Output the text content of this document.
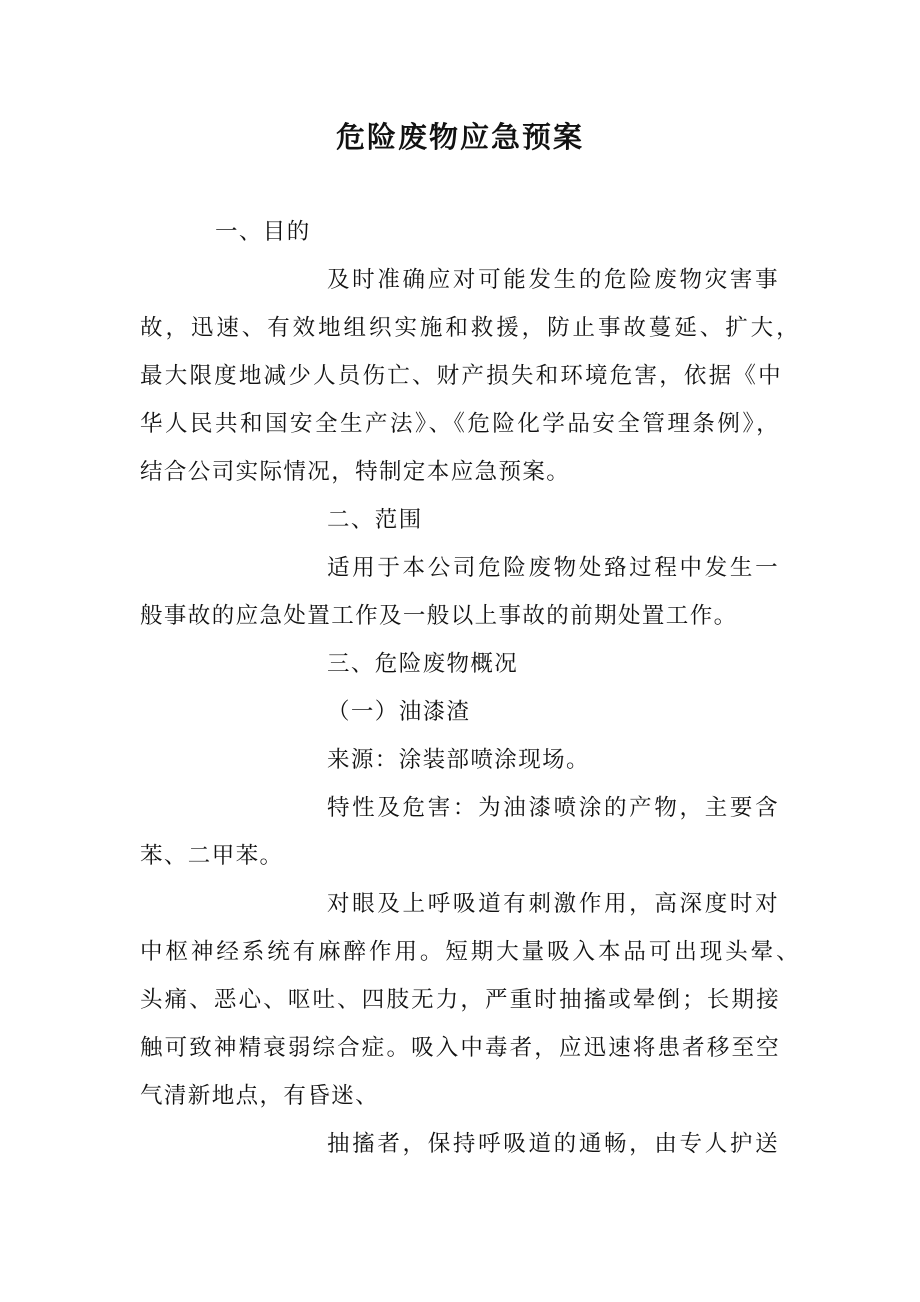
危险废物应急预案
一、目的
及时准确应对可能发生的危险废物灾害事
故，迅速、有效地组织实施和救援，防止事故蔓延、扩大，
最大限度地减少人员伤亡、财产损失和环境危害，依据《中
华人民共和国安全生产法》、《危险化学品安全管理条例》，
结合公司实际情况，特制定本应急预案。
二、范围
适用于本公司危险废物处臵过程中发生一
般事故的应急处置工作及一般以上事故的前期处置工作。
三、危险废物概况
（一）油漆渣
来源：涂装部喷涂现场。
特性及危害：为油漆喷涂的产物，主要含
苯、二甲苯。
对眼及上呼吸道有刺激作用，高深度时对
中枢神经系统有麻醉作用。短期大量吸入本品可出现头晕、
头痛、恶心、呕吐、四肢无力，严重时抽搐或晕倒；长期接
触可致神精衰弱综合症。吸入中毒者，应迅速将患者移至空
气清新地点，有昏迷、
抽搐者，保持呼吸道的通畅，由专人护送
